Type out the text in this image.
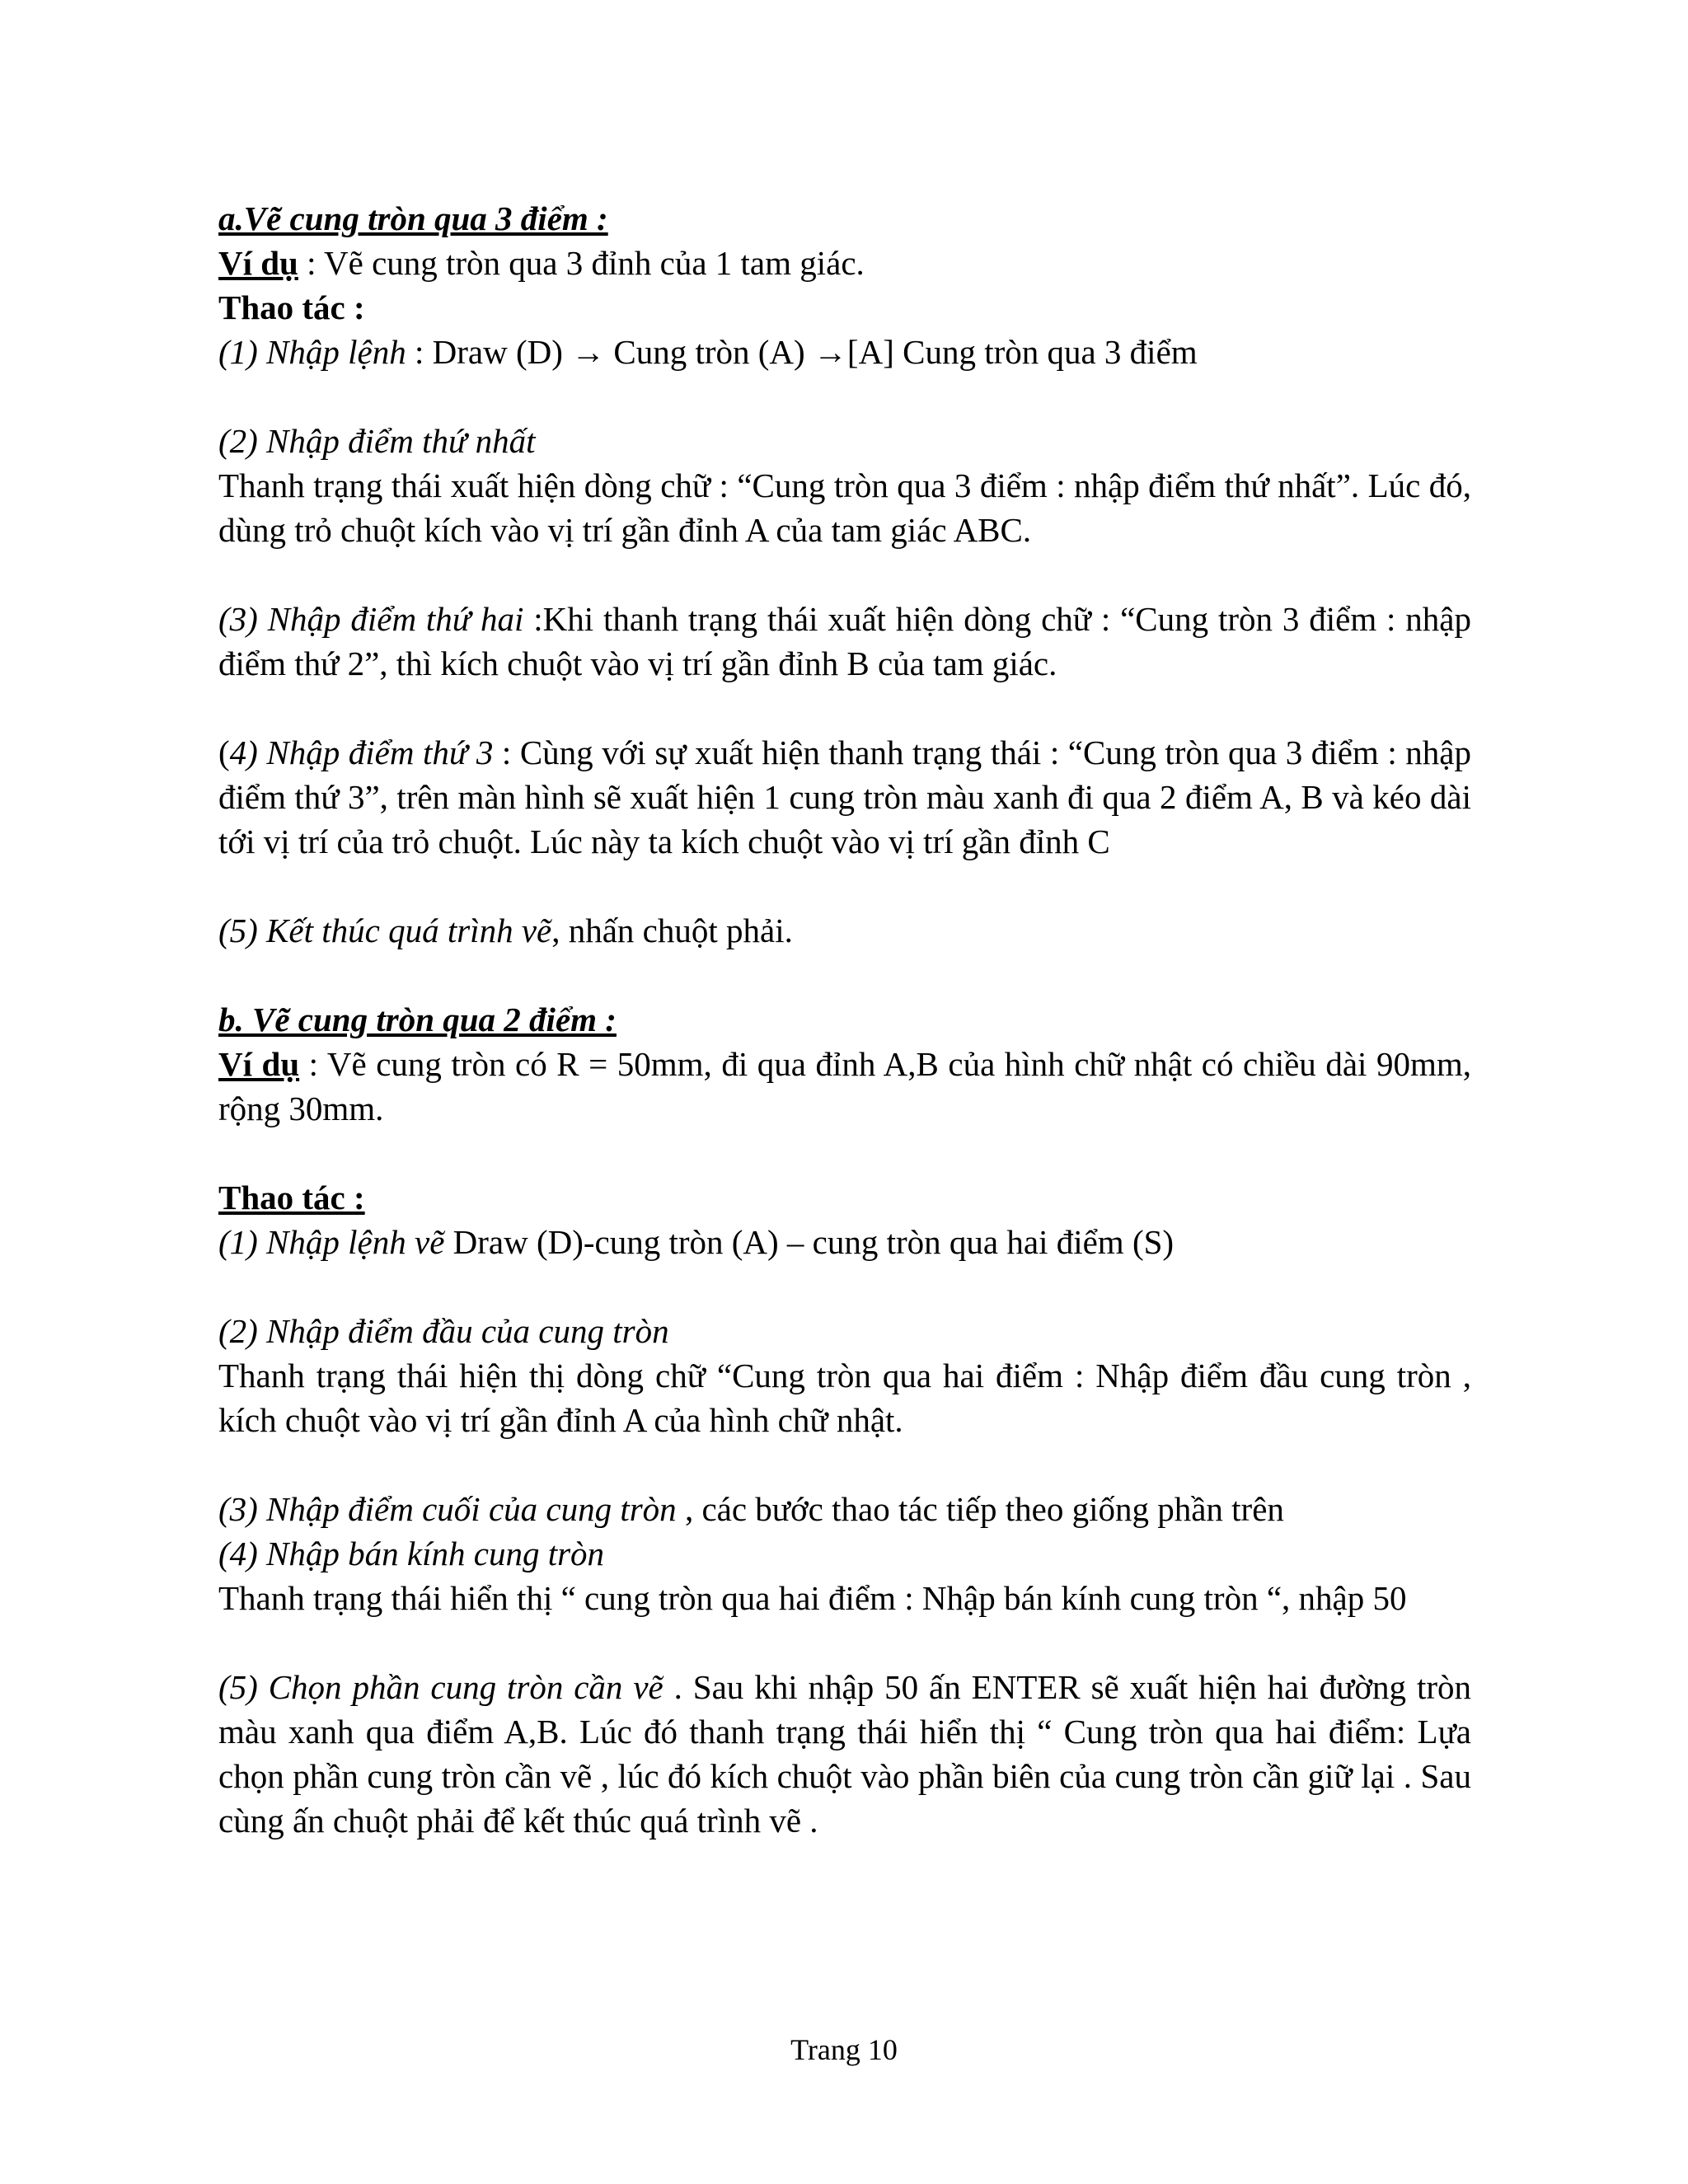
a.Vẽ cung tròn qua 3 điểm :

Ví dụ : Vẽ cung tròn qua 3 đỉnh của 1 tam giác.

Thao tác :

(1) Nhập lệnh : Draw (D) → Cung tròn (A) →[A] Cung tròn qua 3 điểm

(2) Nhập điểm thứ nhất

Thanh trạng thái xuất hiện dòng chữ : “Cung tròn qua 3 điểm : nhập điểm thứ nhất”. Lúc đó, dùng trỏ chuột kích vào vị trí gần đỉnh A của tam giác ABC.

(3) Nhập điểm thứ hai :Khi thanh trạng thái xuất hiện dòng chữ : “Cung tròn 3 điểm : nhập điểm thứ 2”, thì kích chuột vào vị trí gần đỉnh B của tam giác.

(4) Nhập điểm thứ 3 : Cùng với sự xuất hiện thanh trạng thái : “Cung tròn qua 3 điểm : nhập điểm thứ 3”, trên màn hình sẽ xuất hiện 1 cung tròn màu xanh đi qua 2 điểm A, B và kéo dài tới vị trí của trỏ chuột. Lúc này ta kích chuột vào vị trí gần đỉnh C

(5) Kết thúc quá trình vẽ, nhấn chuột phải.

b. Vẽ cung tròn qua 2 điểm :

Ví dụ : Vẽ cung tròn có R = 50mm, đi qua đỉnh A,B của hình chữ nhật có chiều dài 90mm, rộng 30mm.

Thao tác :

(1) Nhập lệnh vẽ Draw (D)-cung tròn (A) – cung tròn qua hai điểm (S)

(2) Nhập điểm đầu của cung tròn

Thanh trạng thái hiện thị dòng chữ “Cung tròn qua hai điểm : Nhập điểm đầu cung tròn , kích chuột vào vị trí gần đỉnh A của hình chữ nhật.

(3) Nhập điểm cuối của cung tròn , các bước thao tác tiếp theo giống phần trên

(4) Nhập bán kính cung tròn

Thanh trạng thái hiển thị “ cung tròn qua hai điểm : Nhập bán kính cung tròn “, nhập 50

(5) Chọn phần cung tròn cần vẽ . Sau khi nhập 50 ấn ENTER sẽ xuất hiện hai đường tròn màu xanh qua điểm A,B. Lúc đó thanh trạng thái hiển thị “ Cung tròn qua hai điểm: Lựa chọn phần cung tròn cần vẽ , lúc đó kích chuột vào phần biên của cung tròn cần giữ lại . Sau cùng ấn chuột phải để kết thúc quá trình vẽ .

Trang 10
